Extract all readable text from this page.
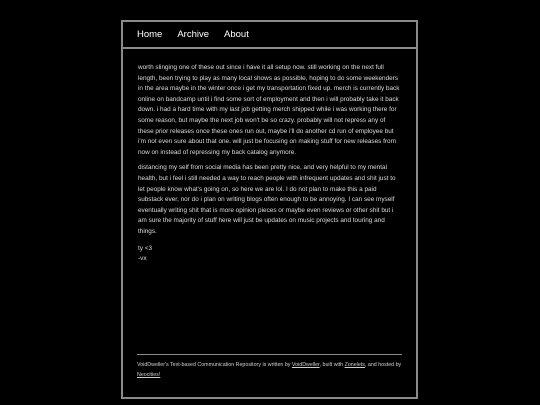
Home Archive About

worth slinging one of these out since i have it all setup now. still working on the next full length, been trying to play as many local shows as possible, hoping to do some weekenders in the area maybe in the winter once i get my transportation fixed up. merch is currently back online on bandcamp until i find some sort of employment and then i will probably take it back down. i had a hard time with my last job getting merch shipped while i was working there for some reason, but maybe the next job won't be so crazy. probably will not repress any of these prior releases once these ones run out, maybe i'll do another cd run of employee but i'm not even sure about that one. will just be focusing on making stuff for new releases from now on instead of repressing my back catalog anymore.

distancing my self from social media has been pretty nice, and very helpful to my mental health, but i feel i still needed a way to reach people with infrequent updates and shit just to let people know what's going on, so here we are lol. I do not plan to make this a paid substack ever, nor do i plan on writing blogs often enough to be annoying. I can see myself eventually writing shit that is more opinion pieces or maybe even reviews or other shit but i am sure the majority of stuff here will just be updates on music projects and touring and things.

ty <3
-vx

VoidDweller's Text-based Communication Repository is written by VoidDweller, built with Zonelets, and hosted by Neocities!
